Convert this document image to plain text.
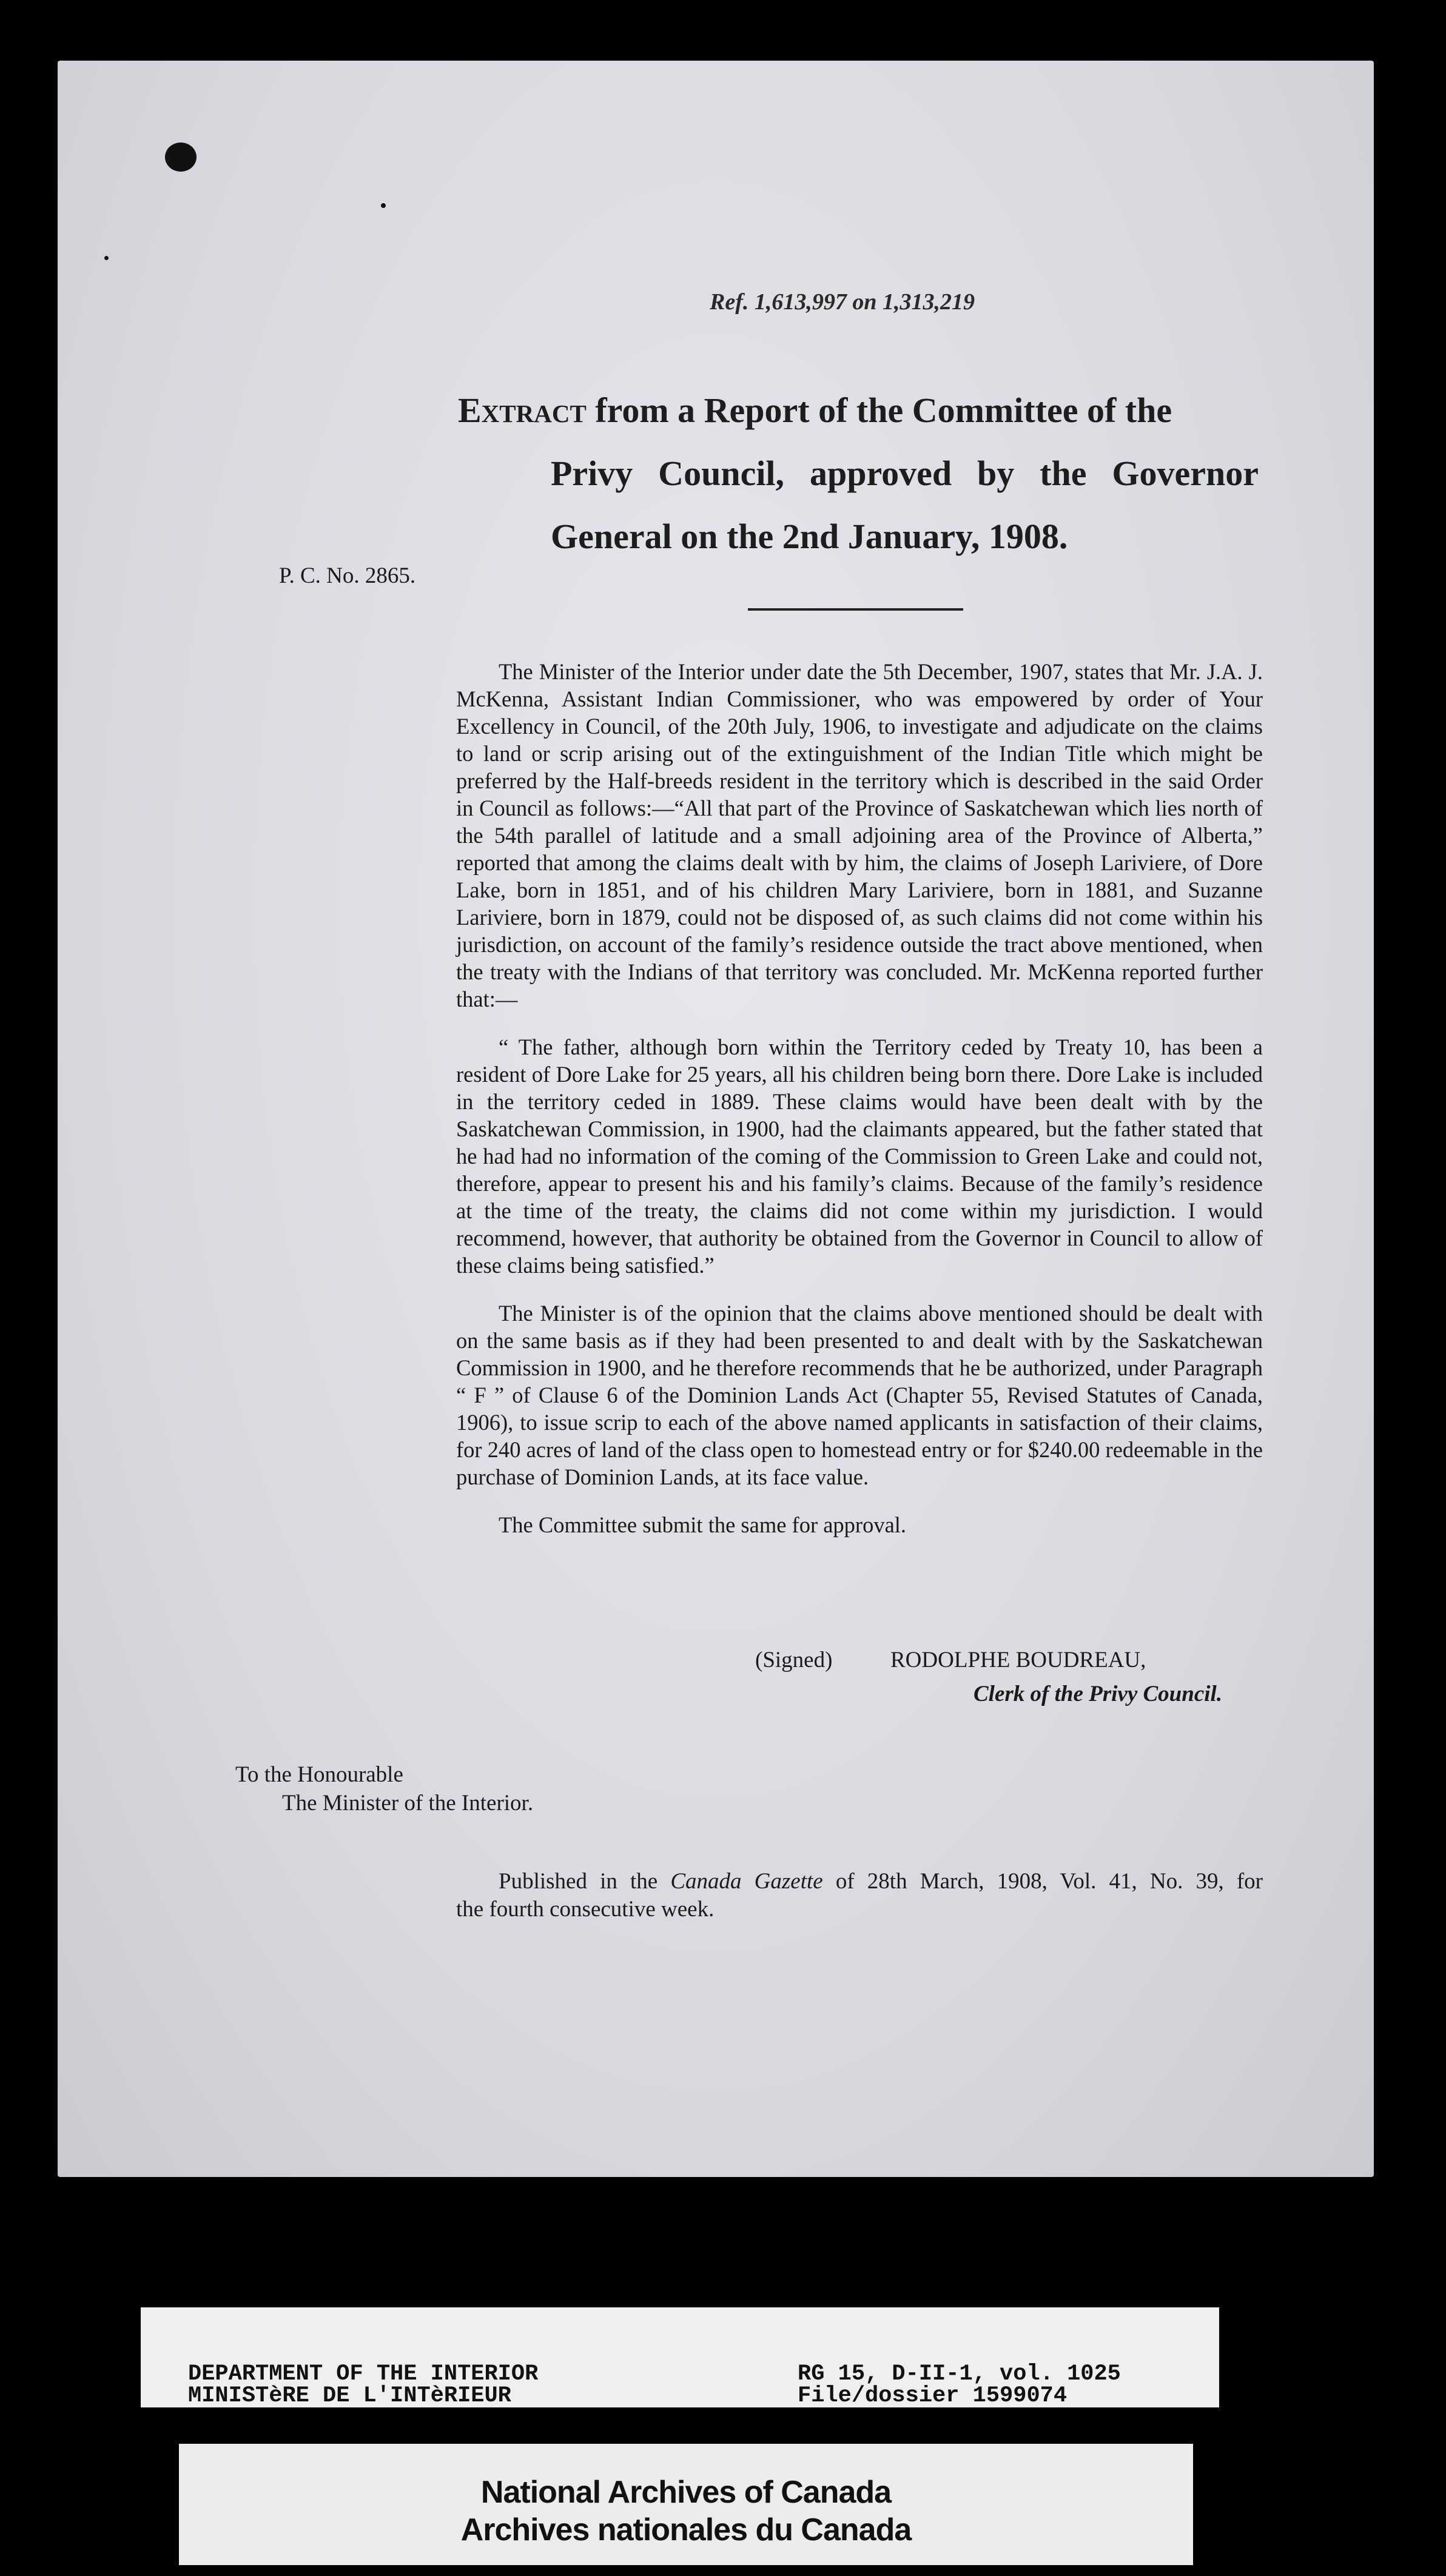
Ref. 1,613,997 on 1,313,219
Extract from a Report of the Committee of the
Privy Council, approved by the Governor
General on the 2nd January, 1908.
P. C. No. 2865.

The Minister of the Interior under date the 5th December, 1907, states that Mr. J.A. J. McKenna, Assistant Indian Commissioner, who was empowered by order of Your Excellency in Council, of the 20th July, 1906, to investigate and adjudicate on the claims to land or scrip arising out of the extinguishment of the Indian Title which might be preferred by the Half-breeds resident in the territory which is described in the said Order in Council as follows:—“All that part of the Province of Saskatchewan which lies north of the 54th parallel of latitude and a small adjoining area of the Province of Alberta,” reported that among the claims dealt with by him, the claims of Joseph Lariviere, of Dore Lake, born in 1851, and of his children Mary Lariviere, born in 1881, and Suzanne Lariviere, born in 1879, could not be disposed of, as such claims did not come within his jurisdiction, on account of the family’s residence outside the tract above mentioned, when the treaty with the Indians of that territory was concluded. Mr. McKenna reported further that:—

“ The father, although born within the Territory ceded by Treaty 10, has been a resident of Dore Lake for 25 years, all his children being born there. Dore Lake is included in the territory ceded in 1889. These claims would have been dealt with by the Saskatchewan Commission, in 1900, had the claimants appeared, but the father stated that he had had no information of the coming of the Commission to Green Lake and could not, therefore, appear to present his and his family’s claims. Because of the family’s residence at the time of the treaty, the claims did not come within my jurisdiction. I would recommend, however, that authority be obtained from the Governor in Council to allow of these claims being satisfied.”

The Minister is of the opinion that the claims above mentioned should be dealt with on the same basis as if they had been presented to and dealt with by the Saskatchewan Commission in 1900, and he therefore recommends that he be authorized, under Paragraph “ F ” of Clause 6 of the Dominion Lands Act (Chapter 55, Revised Statutes of Canada, 1906), to issue scrip to each of the above named applicants in satisfaction of their claims, for 240 acres of land of the class open to homestead entry or for $240.00 redeemable in the purchase of Dominion Lands, at its face value.

The Committee submit the same for approval.

(Signed)	RODOLPHE BOUDREAU,
Clerk of the Privy Council.
To the Honourable
The Minister of the Interior.
Published in the Canada Gazette of 28th March, 1908, Vol. 41, No. 39, for
the fourth consecutive week.
DEPARTMENT OF THE INTERIOR
MINISTèRE DE L'INTèRIEUR
RG 15, D-II-1, vol. 1025
File/dossier 1599074
National Archives of Canada
Archives nationales du Canada
